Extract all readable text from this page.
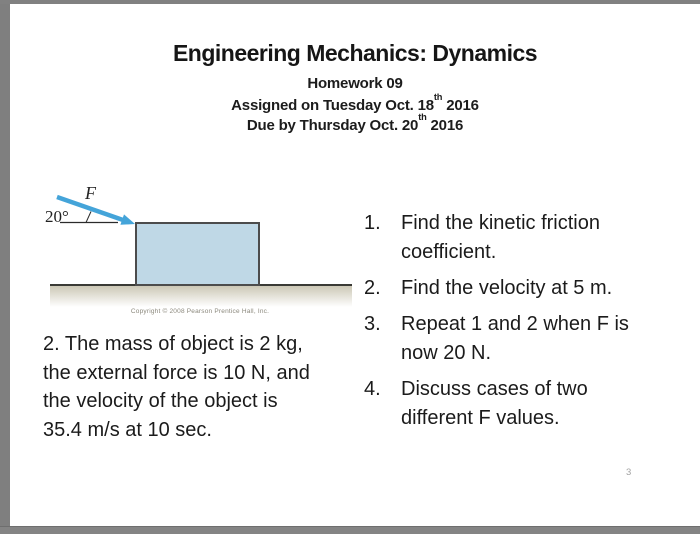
Engineering Mechanics: Dynamics
Homework 09
Assigned on Tuesday Oct. 18th 2016
Due by Thursday Oct. 20th 2016
F
20°
Copyright © 2008 Pearson Prentice Hall, Inc.
2. The mass of object is 2 kg,
the external force is 10 N, and
the velocity of the object is
35.4 m/s at 10 sec.
1.	Find the kinetic friction
coefficient.
2.	Find the velocity at 5 m.
3.	Repeat 1 and 2 when F is
now 20 N.
4.	Discuss cases of two
different F values.
3
